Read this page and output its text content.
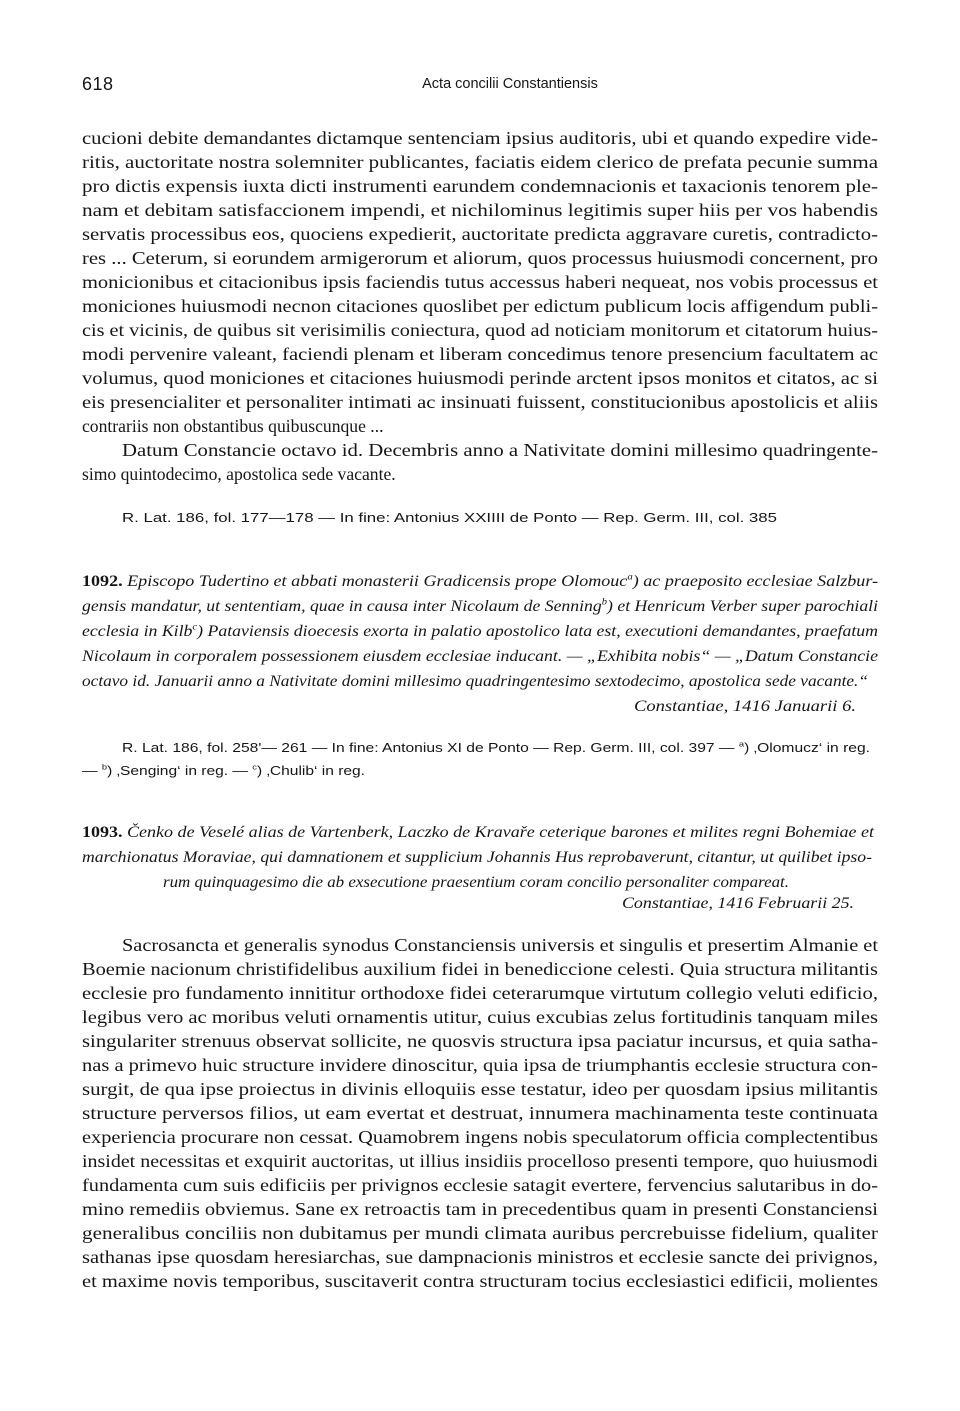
618	Acta concilii Constantiensis
cucioni debite demandantes dictamque sentenciam ipsius auditoris, ubi et quando expedire vide-
ritis, auctoritate nostra solemniter publicantes, faciatis eidem clerico de prefata pecunie summa
pro dictis expensis iuxta dicti instrumenti earundem condemnacionis et taxacionis tenorem ple-
nam et debitam satisfaccionem impendi, et nichilominus legitimis super hiis per vos habendis
servatis processibus eos, quociens expedierit, auctoritate predicta aggravare curetis, contradicto-
res ... Ceterum, si eorundem armigerorum et aliorum, quos processus huiusmodi concernent, pro
monicionibus et citacionibus ipsis faciendis tutus accessus haberi nequeat, nos vobis processus et
moniciones huiusmodi necnon citaciones quoslibet per edictum publicum locis affigendum publi-
cis et vicinis, de quibus sit verisimilis coniectura, quod ad noticiam monitorum et citatorum huius-
modi pervenire valeant, faciendi plenam et liberam concedimus tenore presencium facultatem ac
volumus, quod moniciones et citaciones huiusmodi perinde arctent ipsos monitos et citatos, ac si
eis presencialiter et personaliter intimati ac insinuati fuissent, constitucionibus apostolicis et aliis
contrariis non obstantibus quibuscunque ...
Datum Constancie octavo id. Decembris anno a Nativitate domini millesimo quadringente-
simo quintodecimo, apostolica sede vacante.
R. Lat. 186, fol. 177—178 — In fine: Antonius XXIIII de Ponto — Rep. Germ. III, col. 385
1092. Episcopo Tudertino et abbati monasterii Gradicensis prope Olomouc$^a$) ac praeposito ecclesiae Salzbur-
gensis mandatur, ut sententiam, quae in causa inter Nicolaum de Senning$^b$) et Henricum Verber super parochiali
ecclesia in Kilb$^c$) Pataviensis dioecesis exorta in palatio apostolico lata est, executioni demandantes, praefatum
Nicolaum in corporalem possessionem eiusdem ecclesiae inducant. — „Exhibita nobis“ — „Datum Constancie
octavo id. Januarii anno a Nativitate domini millesimo quadringentesimo sextodecimo, apostolica sede vacante.“
Constantiae, 1416 Januarii 6.
R. Lat. 186, fol. 258'— 261 — In fine: Antonius XI de Ponto — Rep. Germ. III, col. 397 — $^a$) ‚Olomucz‘ in reg.
— $^b$) ‚Senging‘ in reg. — $^c$) ‚Chulib‘ in reg.
1093. Čenko de Veselé alias de Vartenberk, Laczko de Kravaře ceterique barones et milites regni Bohemiae et
marchionatus Moraviae, qui damnationem et supplicium Johannis Hus reprobaverunt, citantur, ut quilibet ipso-
rum quinquagesimo die ab exsecutione praesentium coram concilio personaliter compareat.
Constantiae, 1416 Februarii 25.
Sacrosancta et generalis synodus Constanciensis universis et singulis et presertim Almanie et
Boemie nacionum christifidelibus auxilium fidei in benediccione celesti. Quia structura militantis
ecclesie pro fundamento innititur orthodoxe fidei ceterarumque virtutum collegio veluti edificio,
legibus vero ac moribus veluti ornamentis utitur, cuius excubias zelus fortitudinis tanquam miles
singulariter strenuus observat sollicite, ne quosvis structura ipsa paciatur incursus, et quia satha-
nas a primevo huic structure invidere dinoscitur, quia ipsa de triumphantis ecclesie structura con-
surgit, de qua ipse proiectus in divinis elloquiis esse testatur, ideo per quosdam ipsius militantis
structure perversos filios, ut eam evertat et destruat, innumera machinamenta teste continuata
experiencia procurare non cessat. Quamobrem ingens nobis speculatorum officia complectentibus
insidet necessitas et exquirit auctoritas, ut illius insidiis procelloso presenti tempore, quo huiusmodi
fundamenta cum suis edificiis per privignos ecclesie satagit evertere, fervencius salutaribus in do-
mino remediis obviemus. Sane ex retroactis tam in precedentibus quam in presenti Constanciensi
generalibus conciliis non dubitamus per mundi climata auribus percrebuisse fidelium, qualiter
sathanas ipse quosdam heresiarchas, sue dampnacionis ministros et ecclesie sancte dei privignos,
et maxime novis temporibus, suscitaverit contra structuram tocius ecclesiastici edificii, molientes
